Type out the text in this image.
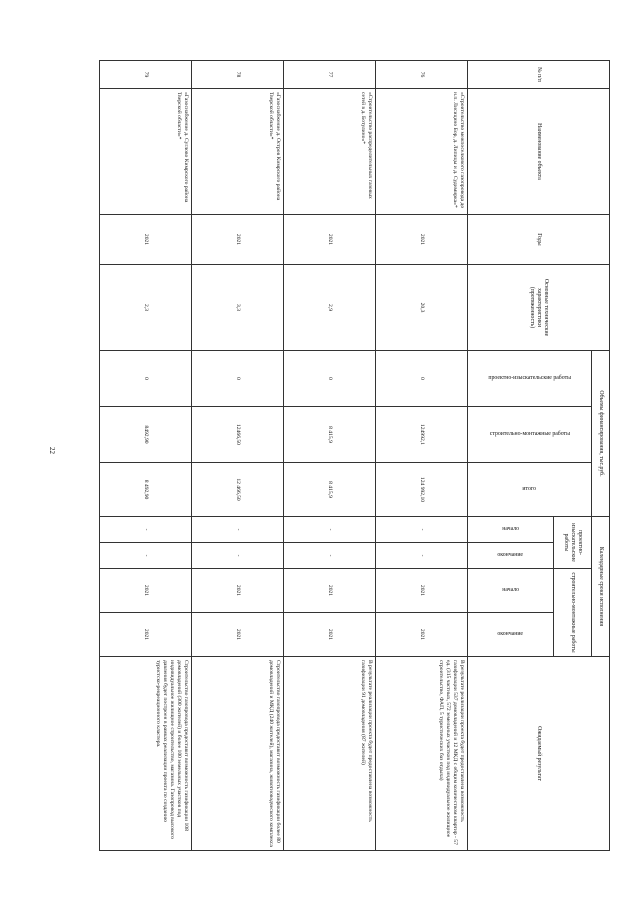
22
№ п/п	Наименование объекта	Годы	Основные технические характеристики (протяженность)	Объемы финансирования, тыс.руб.			Календарные сроки исполнения				Ожидаемый результат

				проектно-изыскательские работы	строительно-монтажные работы	итого	проектно-изыскательские работы		строительно-монтажные работы		

							начало	окончание	начало	окончание	

76	«Строительство межпоселкового газопровода до н.п. Лисицино Бор, д. Липицы и д. Судимирка»*	2021	20,3	0	124992,1	124 992,10	-	-	2021	2021	В результате реализации проекта будет предоставлена возможность газификации 537 домовладений и 12 МКД с общим количеством квартир - 57 ед. (315 частных, 572 земельных участков под индивидуальное жилищное строительство, ФАП, 5 туристических баз отдыха)
77	«Строительство распределительных газовых сетей в д. Ботулино»*	2021	2,9	0	8 415,9	8 415,9	-	-	2021	2021	В результате реализации проекта будет предоставлена возможность газификации 91 домовладения (87 жителей)
78	«Газоснабжение д. Остров Кимрского района Тверской области»*	2021	3,3	0	12466,50	12 466,50	-	-	2021	2021	Строительство газопровода предоставит возможность газификации более 80 домовладений и МКД (240 жителей), магазина, животноводческого комплекса
79	«Газоснабжение д. Суглово Кимрского района Тверской области»*	2021	2,3	0	8492,90	8 492,90	-	-	2021	2021	Строительство газопровода предоставит возможность газификации 108 домовладений (300 жителей) и более 100 земельных участков под индивидуальное жилищное строительство, магазина. Газопровод высокого давления будет построен в рамках реализации проекта по созданию туристско-рекреационного кластера.
